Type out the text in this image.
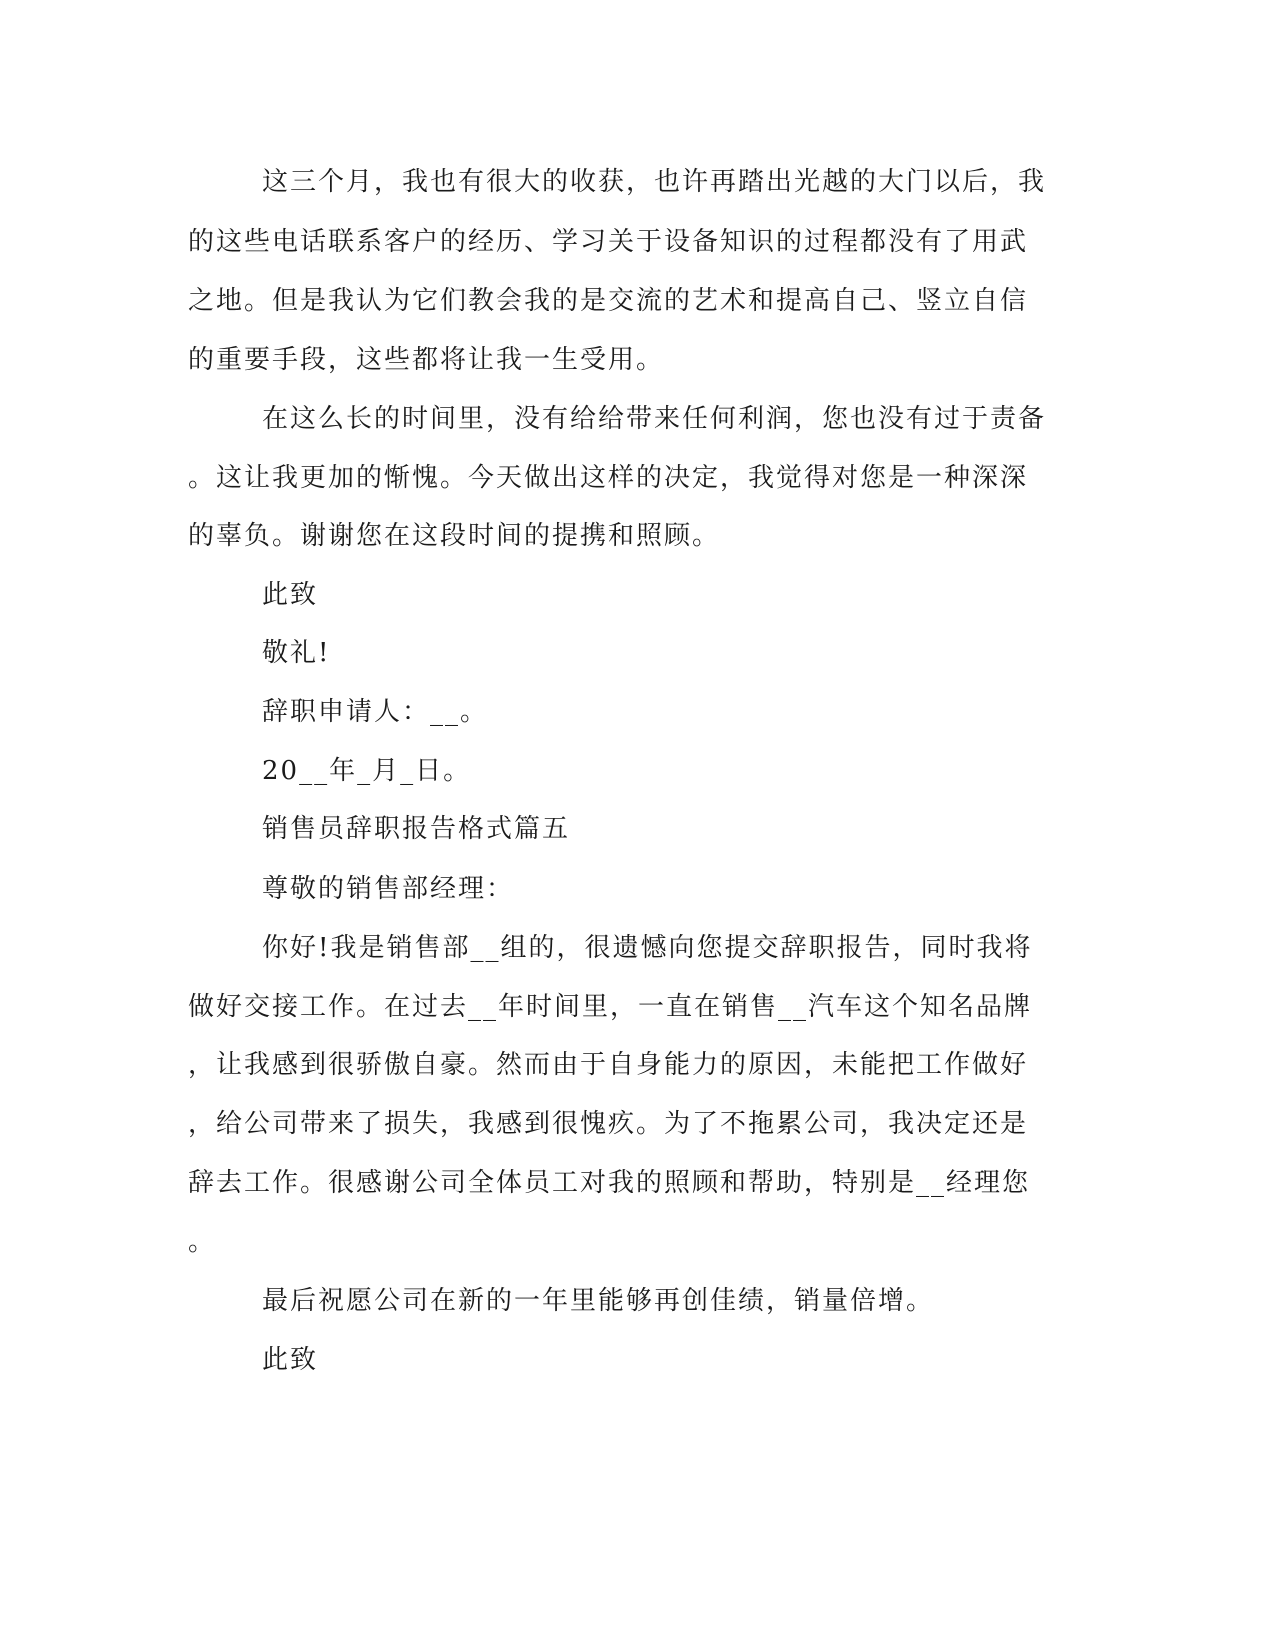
这三个月，我也有很大的收获，也许再踏出光越的大门以后，我
的这些电话联系客户的经历、学习关于设备知识的过程都没有了用武
之地。但是我认为它们教会我的是交流的艺术和提高自己、竖立自信
的重要手段，这些都将让我一生受用。
在这么长的时间里，没有给给带来任何利润，您也没有过于责备
。这让我更加的惭愧。今天做出这样的决定，我觉得对您是一种深深
的辜负。谢谢您在这段时间的提携和照顾。
此致
敬礼!
辞职申请人：__。
20__年_月_日。
销售员辞职报告格式篇五
尊敬的销售部经理：
你好!我是销售部__组的，很遗憾向您提交辞职报告，同时我将
做好交接工作。在过去__年时间里，一直在销售__汽车这个知名品牌
，让我感到很骄傲自豪。然而由于自身能力的原因，未能把工作做好
，给公司带来了损失，我感到很愧疚。为了不拖累公司，我决定还是
辞去工作。很感谢公司全体员工对我的照顾和帮助，特别是__经理您
。
最后祝愿公司在新的一年里能够再创佳绩，销量倍增。
此致
